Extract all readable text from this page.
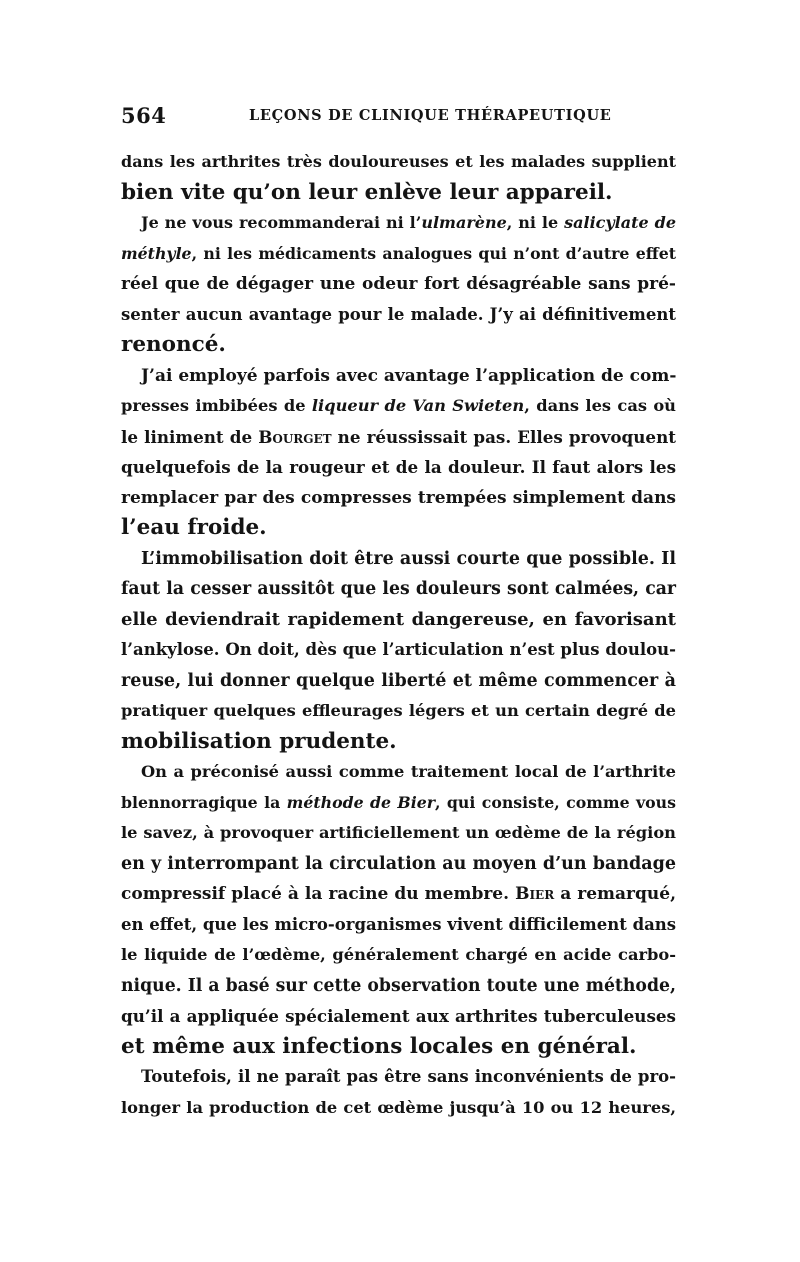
564	LEÇONS DE CLINIQUE THÉRAPEUTIQUE
dans les arthrites très douloureuses et les malades supplient
bien vite qu’on leur enlève leur appareil.
Je ne vous recommanderai ni l’ulmarène, ni le salicylate de
méthyle, ni les médicaments analogues qui n’ont d’autre effet
réel que de dégager une odeur fort désagréable sans pré-
senter aucun avantage pour le malade. J’y ai définitivement
renoncé.
J’ai employé parfois avec avantage l’application de com-
presses imbibées de liqueur de Van Swieten, dans les cas où
le liniment de Bourget ne réussissait pas. Elles provoquent
quelquefois de la rougeur et de la douleur. Il faut alors les
remplacer par des compresses trempées simplement dans
l’eau froide.
L’immobilisation doit être aussi courte que possible. Il
faut la cesser aussitôt que les douleurs sont calmées, car
elle deviendrait rapidement dangereuse, en favorisant
l’ankylose. On doit, dès que l’articulation n’est plus doulou-
reuse, lui donner quelque liberté et même commencer à
pratiquer quelques effleurages légers et un certain degré de
mobilisation prudente.
On a préconisé aussi comme traitement local de l’arthrite
blennorragique la méthode de Bier, qui consiste, comme vous
le savez, à provoquer artificiellement un œdème de la région
en y interrompant la circulation au moyen d’un bandage
compressif placé à la racine du membre. Bier a remarqué,
en effet, que les micro-organismes vivent difficilement dans
le liquide de l’œdème, généralement chargé en acide carbo-
nique. Il a basé sur cette observation toute une méthode,
qu’il a appliquée spécialement aux arthrites tuberculeuses
et même aux infections locales en général.
Toutefois, il ne paraît pas être sans inconvénients de pro-
longer la production de cet œdème jusqu’à 10 ou 12 heures,
